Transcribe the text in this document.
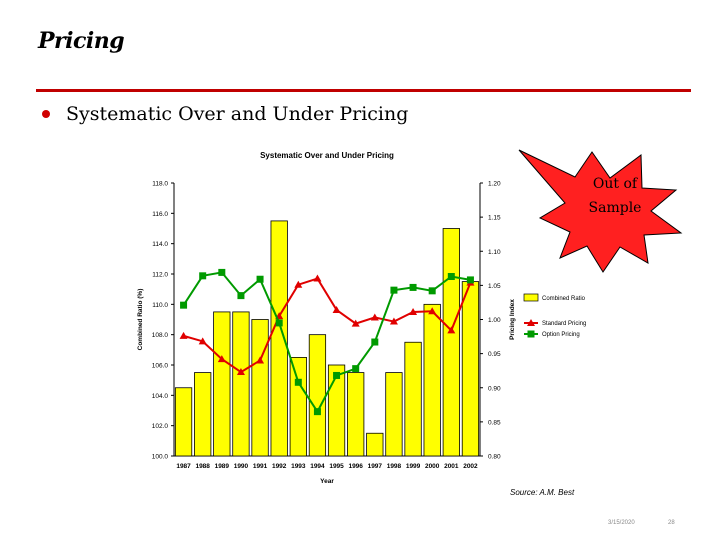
Pricing
Systematic Over and Under Pricing
Systematic Over and Under Pricing
100.0
102.0
104.0
106.0
108.0
110.0
112.0
114.0
116.0
118.0
0.80
0.85
0.90
0.95
1.00
1.05
1.10
1.15
1.20
1987 1988 1989 1990 1991 1992 1993 1994 1995 1996 1997 1998 1999 2000 2001 2002
Year
Combined Ratio (%)	Pricing Index
Combined Ratio
Standard Pricing
Option Pricing
Out of
Sample
Source: A.M. Best
3/15/2020	28
